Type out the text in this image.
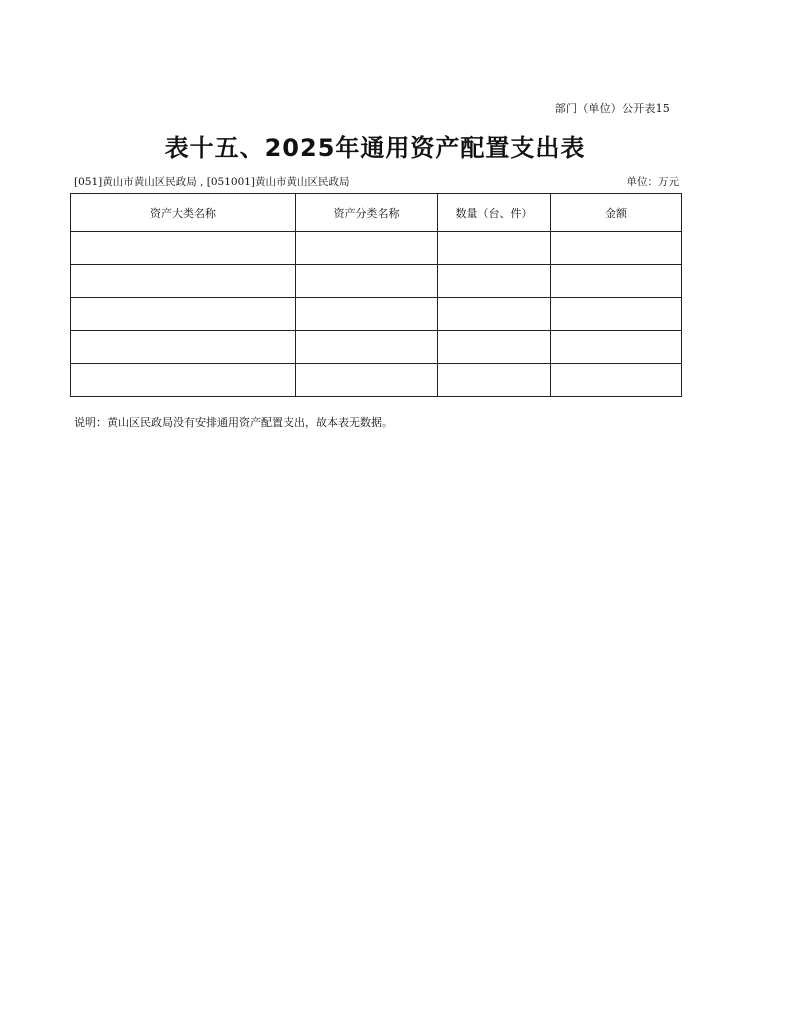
部门（单位）公开表15
表十五、2025年通用资产配置支出表
[051]黄山市黄山区民政局 , [051001]黄山市黄山区民政局	单位：万元
资产大类名称	资产分类名称	数量（台、件）	金额

说明：黄山区民政局没有安排通用资产配置支出，故本表无数据。
